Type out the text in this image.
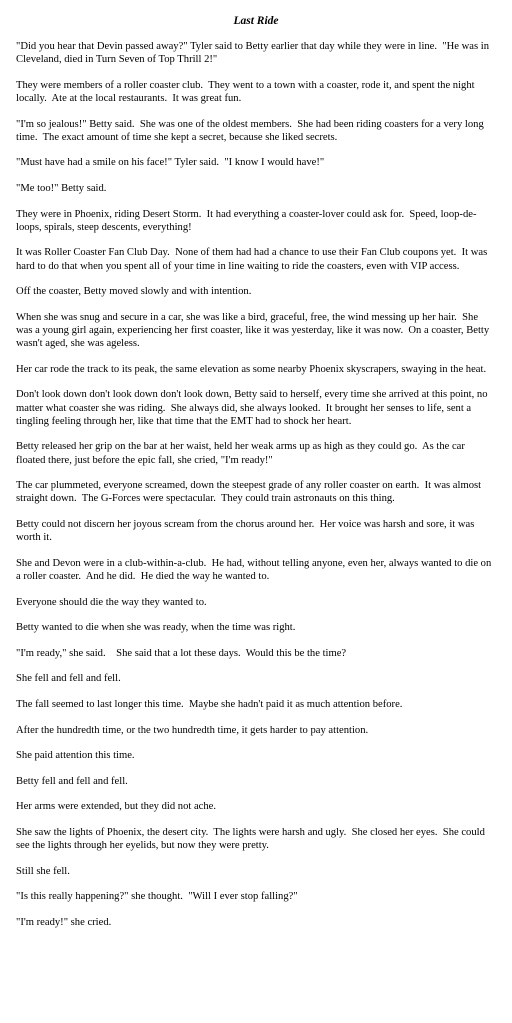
Last Ride

"Did you hear that Devin passed away?" Tyler said to Betty earlier that day while they were in line.  "He was in Cleveland, died in Turn Seven of Top Thrill 2!"

They were members of a roller coaster club.  They went to a town with a coaster, rode it, and spent the night locally.  Ate at the local restaurants.  It was great fun.

"I'm so jealous!" Betty said.  She was one of the oldest members.  She had been riding coasters for a very long time.  The exact amount of time she kept a secret, because she liked secrets.

"Must have had a smile on his face!" Tyler said.  "I know I would have!"

"Me too!" Betty said.

They were in Phoenix, riding Desert Storm.  It had everything a coaster-lover could ask for.  Speed, loop-de-loops, spirals, steep descents, everything!

It was Roller Coaster Fan Club Day.  None of them had had a chance to use their Fan Club coupons yet.  It was hard to do that when you spent all of your time in line waiting to ride the coasters, even with VIP access.

Off the coaster, Betty moved slowly and with intention.

When she was snug and secure in a car, she was like a bird, graceful, free, the wind messing up her hair.  She was a young girl again, experiencing her first coaster, like it was yesterday, like it was now.  On a coaster, Betty wasn't aged, she was ageless.

Her car rode the track to its peak, the same elevation as some nearby Phoenix skyscrapers, swaying in the heat.

Don't look down don't look down don't look down, Betty said to herself, every time she arrived at this point, no matter what coaster she was riding.  She always did, she always looked.  It brought her senses to life, sent a tingling feeling through her, like that time that the EMT had to shock her heart.

Betty released her grip on the bar at her waist, held her weak arms up as high as they could go.  As the car floated there, just before the epic fall, she cried, "I'm ready!"

The car plummeted, everyone screamed, down the steepest grade of any roller coaster on earth.  It was almost straight down.  The G-Forces were spectacular.  They could train astronauts on this thing.

Betty could not discern her joyous scream from the chorus around her.  Her voice was harsh and sore, it was worth it.

She and Devon were in a club-within-a-club.  He had, without telling anyone, even her, always wanted to die on a roller coaster.  And he did.  He died the way he wanted to.

Everyone should die the way they wanted to.

Betty wanted to die when she was ready, when the time was right.

"I'm ready," she said.    She said that a lot these days.  Would this be the time?

She fell and fell and fell.

The fall seemed to last longer this time.  Maybe she hadn't paid it as much attention before.

After the hundredth time, or the two hundredth time, it gets harder to pay attention.

She paid attention this time.

Betty fell and fell and fell.

Her arms were extended, but they did not ache.

She saw the lights of Phoenix, the desert city.  The lights were harsh and ugly.  She closed her eyes.  She could see the lights through her eyelids, but now they were pretty.

Still she fell.

"Is this really happening?" she thought.  "Will I ever stop falling?"

"I'm ready!" she cried.
